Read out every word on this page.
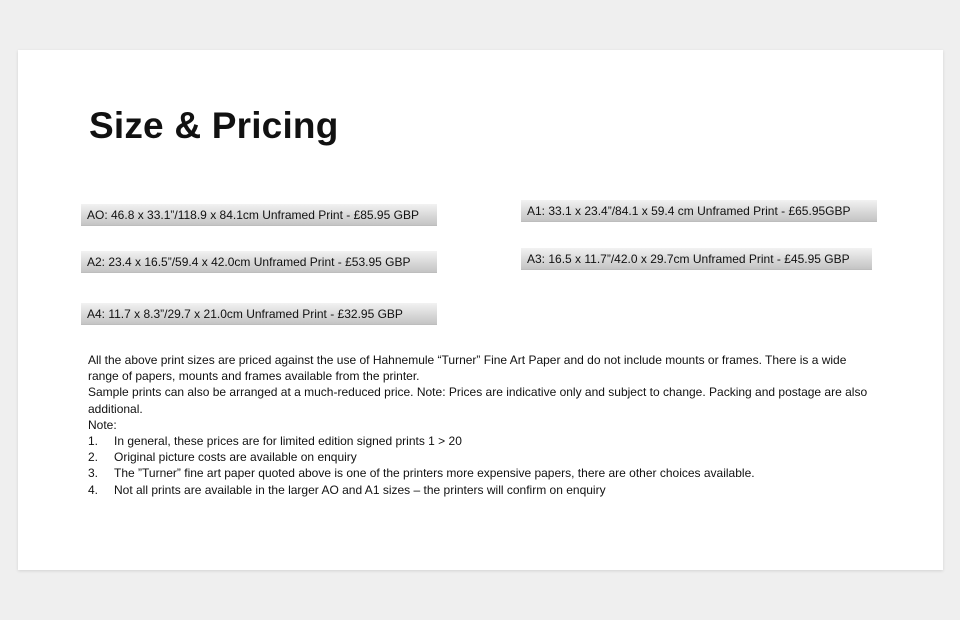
Size & Pricing
AO: 46.8 x 33.1”/118.9 x 84.1cm Unframed Print - £85.95 GBP	A1: 33.1 x 23.4”/84.1 x 59.4 cm Unframed Print - £65.95GBP
A2: 23.4 x 16.5”/59.4 x 42.0cm Unframed Print - £53.95 GBP	A3: 16.5 x 11.7”/42.0 x 29.7cm Unframed Print - £45.95 GBP
A4: 11.7 x 8.3”/29.7 x 21.0cm Unframed Print - £32.95 GBP

All the above print sizes are priced against the use of Hahnemule “Turner” Fine Art Paper and do not include mounts or frames. There is a wide range of papers, mounts and frames available from the printer.

Sample prints can also be arranged at a much-reduced price. Note: Prices are indicative only and subject to change. Packing and postage are also additional.

Note:

1.	In general, these prices are for limited edition signed prints 1 > 20
2.	Original picture costs are available on enquiry
3.	The ”Turner” fine art paper quoted above is one of the printers more expensive papers, there are other choices available.
4.	Not all prints are available in the larger AO and A1 sizes – the printers will confirm on enquiry
